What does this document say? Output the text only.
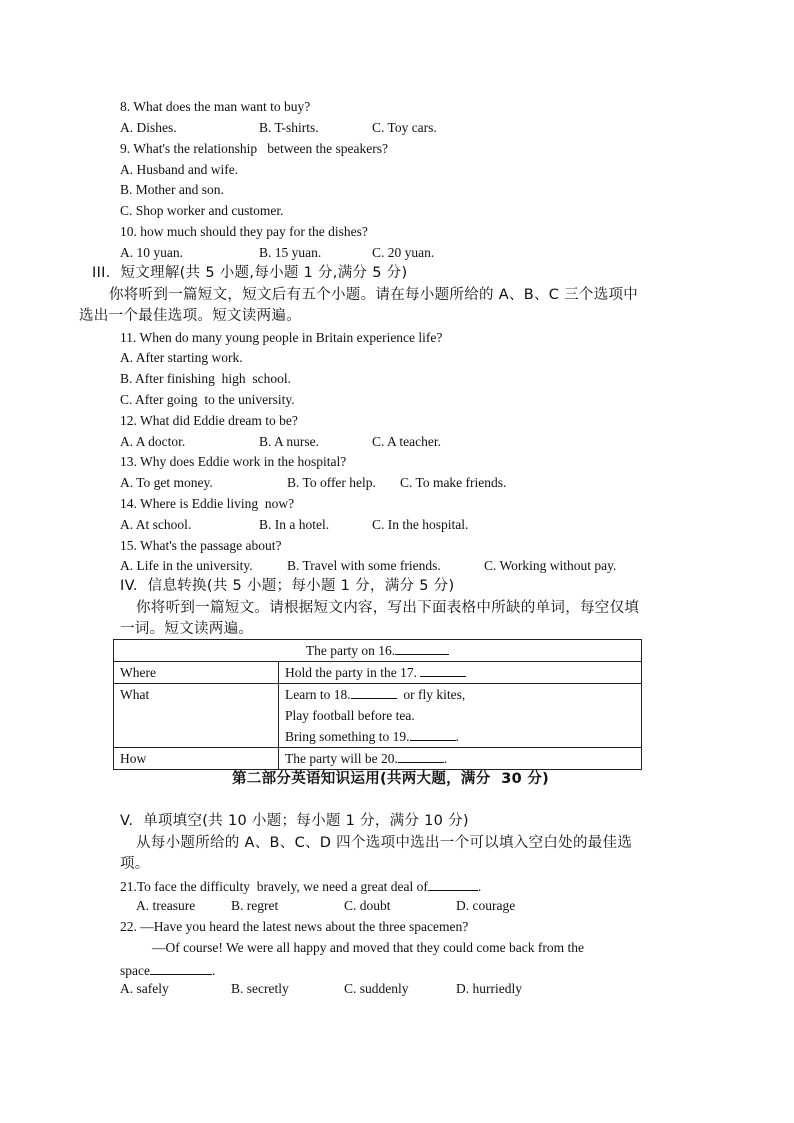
8. What does the man want to buy?
A. Dishes.	B. T-shirts.	C. Toy cars.
9. What's the relationship   between the speakers?
A. Husband and wife.
B. Mother and son.
C. Shop worker and customer.
10. how much should they pay for the dishes?
A. 10 yuan.	B. 15 yuan.	C. 20 yuan.
III.  短文理解(共 5 小题,每小题 1 分,满分 5 分)
你将听到一篇短文，短文后有五个小题。请在每小题所给的 A、B、C 三个选项中
选出一个最佳选项。短文读两遍。
11. When do many young people in Britain experience life?
A. After starting work.
B. After finishing  high  school.
C. After going  to the university.
12. What did Eddie dream to be?
A. A doctor.	B. A nurse.	C. A teacher.
13. Why does Eddie work in the hospital?
A. To get money.	B. To offer help. C. To make friends.
14. Where is Eddie living  now?
A. At school.	B. In a hotel.	C. In the hospital.
15. What's the passage about?
A. Life in the university.	B. Travel with some friends.	C. Working without pay.
IV.  信息转换(共 5 小题；每小题 1 分，满分 5 分)
你将听到一篇短文。请根据短文内容，写出下面表格中所缺的单词，每空仅填
一词。短文读两遍。
The party on 16.	
Where	Hold the party in the 17.
What	Learn to 18. or fly kites,
Play football before tea.
Bring something to 19. .

How	The party will be 20. .
第二部分英语知识运用(共两大题，满分  30 分)
V.  单项填空(共 10 小题；每小题 1 分，满分 10 分)
从每小题所给的 A、B、C、D 四个选项中选出一个可以填入空白处的最佳选
项。
21.To face the difficulty  bravely, we need a great deal of	.
A. treasure	B. regret	C. doubt	D. courage
22. —Have you heard the latest news about the three spacemen?
—Of course! We were all happy and moved that they could come back from the
space	.
A. safely	B. secretly	C. suddenly	D. hurriedly
